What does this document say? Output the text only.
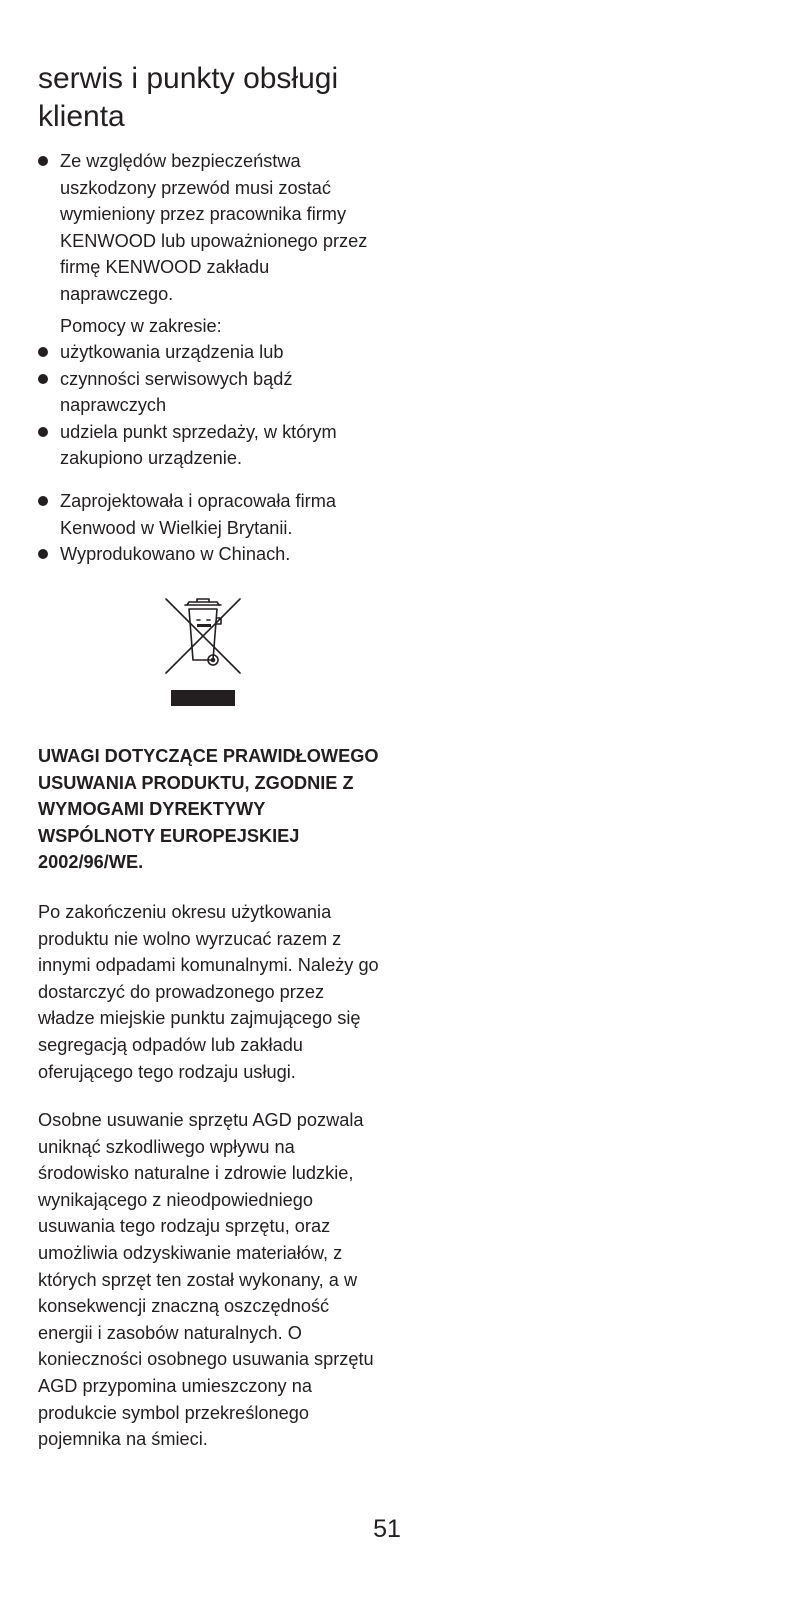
serwis i punkty obsługi klienta
Ze względów bezpieczeństwa uszkodzony przewód musi zostać wymieniony przez pracownika firmy KENWOOD lub upoważnionego przez firmę KENWOOD zakładu naprawczego.

Pomocy w zakresie:

użytkowania urządzenia lub
czynności serwisowych bądź naprawczych
udziela punkt sprzedaży, w którym zakupiono urządzenie.
Zaprojektowała i opracowała firma Kenwood w Wielkiej Brytanii.
Wyprodukowano w Chinach.

UWAGI DOTYCZĄCE PRAWIDŁOWEGO USUWANIA PRODUKTU, ZGODNIE Z WYMOGAMI DYREKTYWY WSPÓLNOTY EUROPEJSKIEJ 2002/96/WE.

Po zakończeniu okresu użytkowania produktu nie wolno wyrzucać razem z innymi odpadami komunalnymi. Należy go dostarczyć do prowadzonego przez władze miejskie punktu zajmującego się segregacją odpadów lub zakładu oferującego tego rodzaju usługi.

Osobne usuwanie sprzętu AGD pozwala uniknąć szkodliwego wpływu na środowisko naturalne i zdrowie ludzkie, wynikającego z nieodpowiedniego usuwania tego rodzaju sprzętu, oraz umożliwia odzyskiwanie materiałów, z których sprzęt ten został wykonany, a w konsekwencji znaczną oszczędność energii i zasobów naturalnych. O konieczności osobnego usuwania sprzętu AGD przypomina umieszczony na produkcie symbol przekreślonego pojemnika na śmieci.

51
